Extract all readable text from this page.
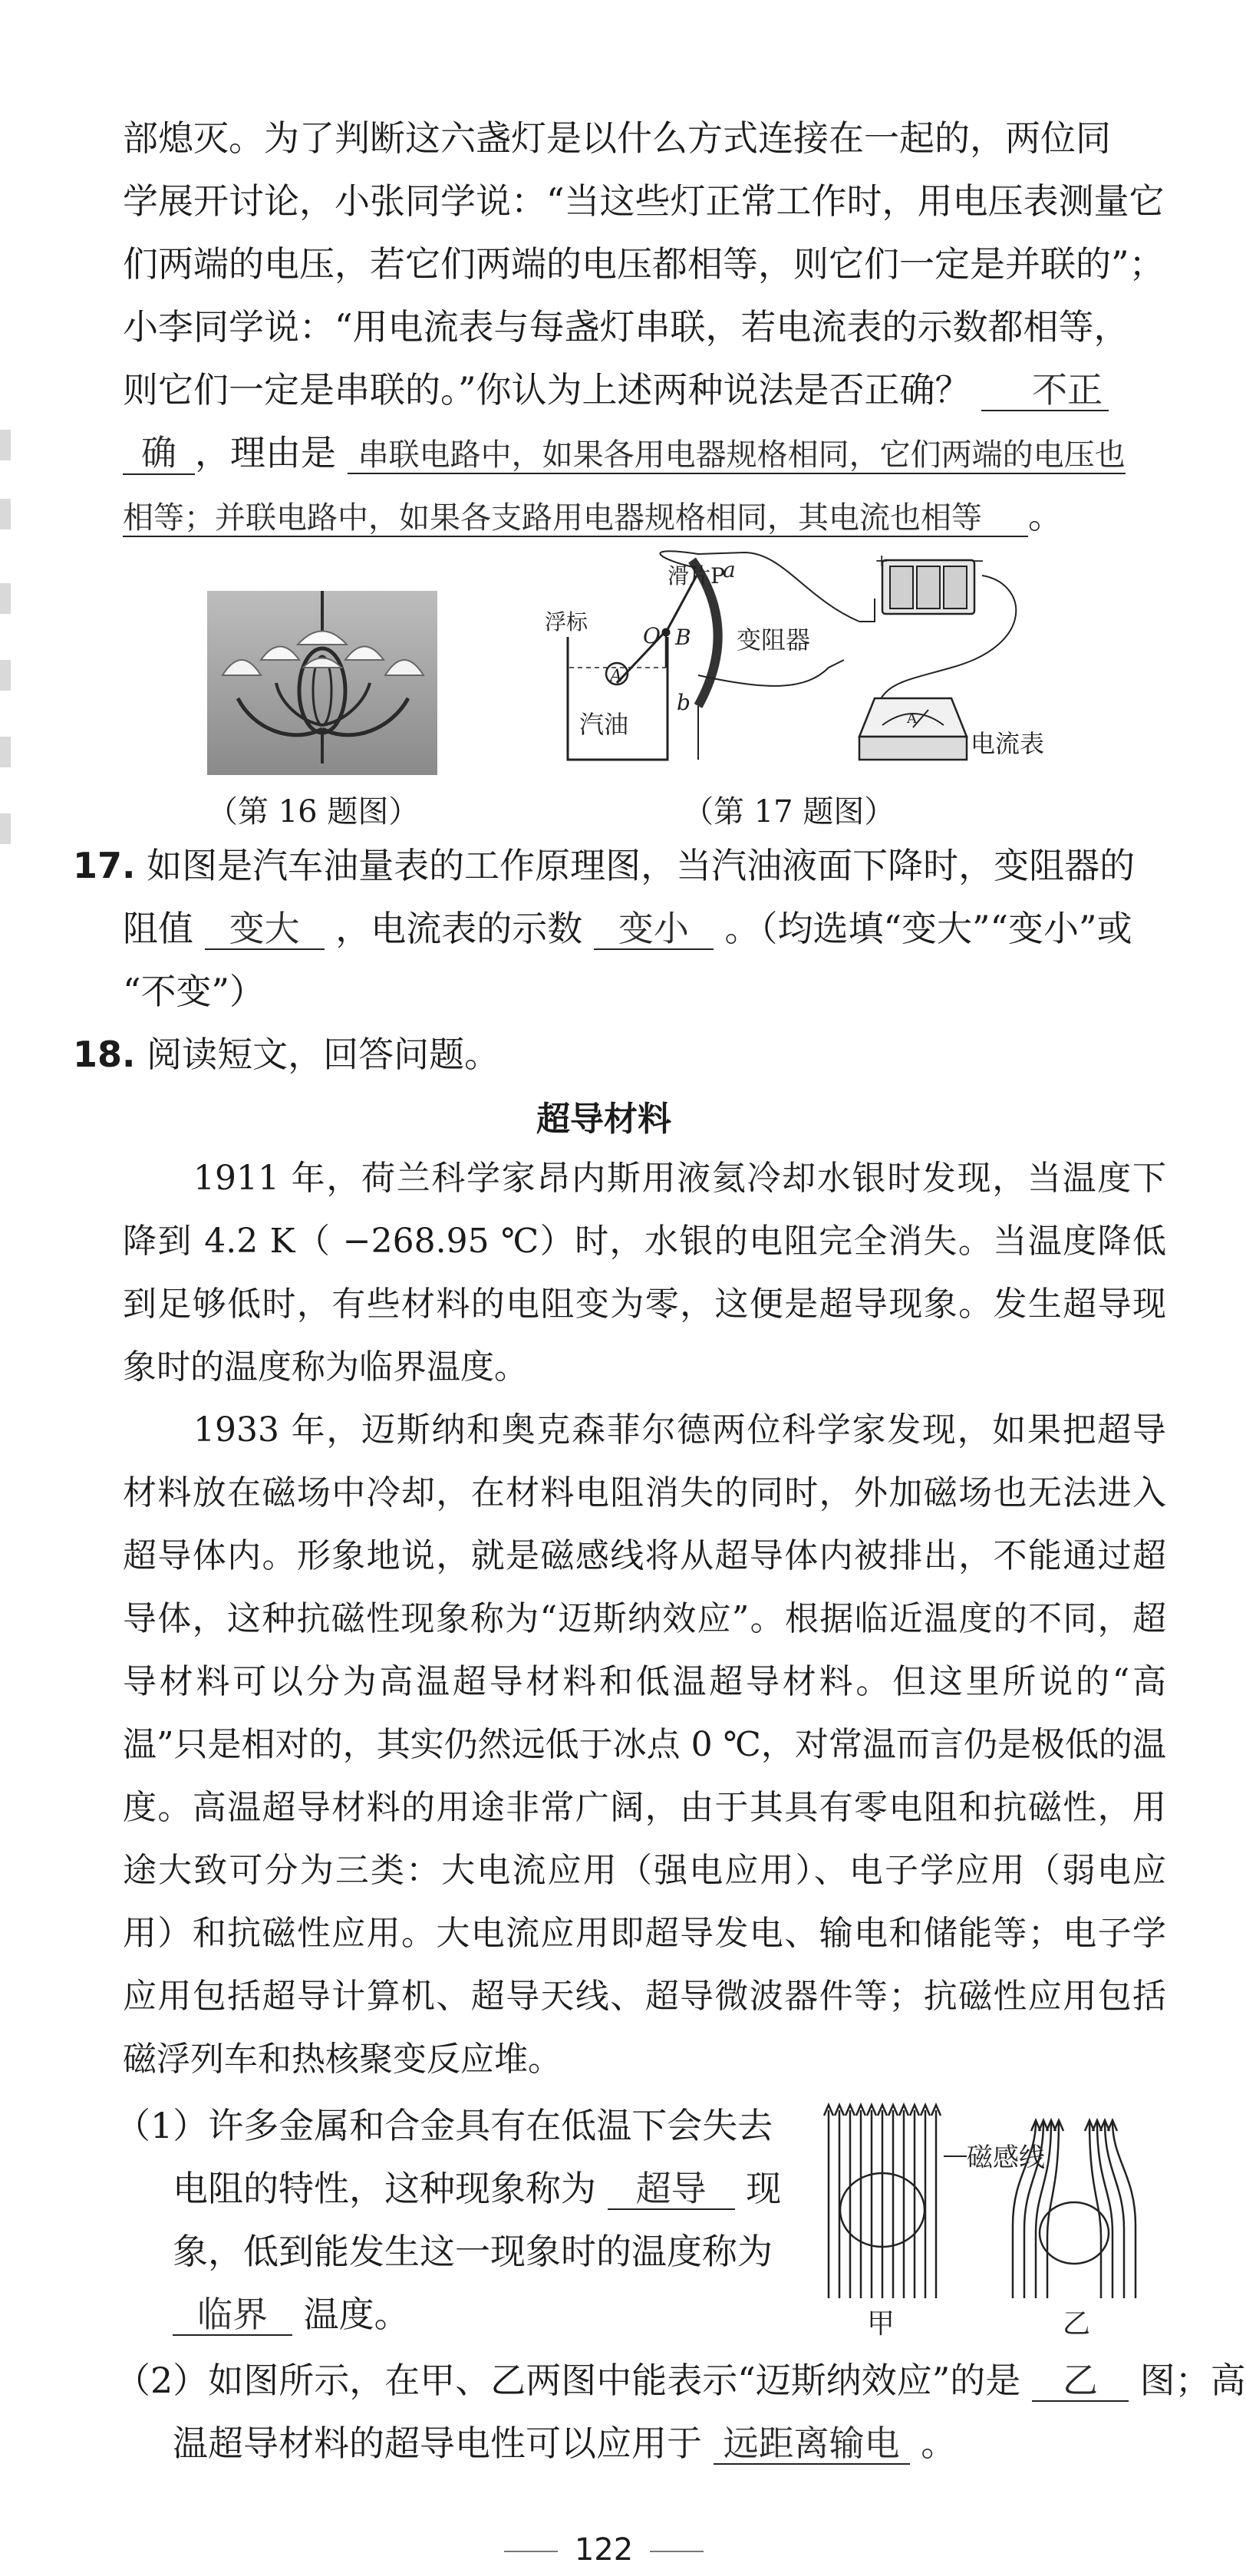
部熄灭。为了判断这六盏灯是以什么方式连接在一起的，两位同
学展开讨论，小张同学说：“当这些灯正常工作时，用电压表测量它
们两端的电压，若它们两端的电压都相等，则它们一定是并联的”；
小李同学说：“用电流表与每盏灯串联，若电流表的示数都相等，
则它们一定是串联的。”你认为上述两种说法是否正确？ 不正
确 ，理由是 串联电路中，如果各用电器规格相同，它们两端的电压也
相等；并联电路中，如果各支路用电器规格相同，其电流也相等 。
（第 16 题图）
滑片P
a
O B
b
浮标
A
汽油
变阻器
电流表
A
+	−
（第 17 题图）
17. 如图是汽车油量表的工作原理图，当汽油液面下降时，变阻器的
阻值 变大 ，电流表的示数 变小 。（均选填“变大”“变小”或
“不变”）
18. 阅读短文，回答问题。
超导材料
1911 年，荷兰科学家昂内斯用液氦冷却水银时发现，当温度下降到 4.2 K（ −268.95 ℃）时，水银的电阻完全消失。当温度降低到足够低时，有些材料的电阻变为零，这便是超导现象。发生超导现象时的温度称为临界温度。
1933 年，迈斯纳和奥克森菲尔德两位科学家发现，如果把超导材料放在磁场中冷却，在材料电阻消失的同时，外加磁场也无法进入超导体内。形象地说，就是磁感线将从超导体内被排出，不能通过超导体，这种抗磁性现象称为“迈斯纳效应”。根据临近温度的不同，超导材料可以分为高温超导材料和低温超导材料。但这里所说的“高温”只是相对的，其实仍然远低于冰点 0 ℃，对常温而言仍是极低的温度。高温超导材料的用途非常广阔，由于其具有零电阻和抗磁性，用途大致可分为三类：大电流应用（强电应用）、电子学应用（弱电应用）和抗磁性应用。大电流应用即超导发电、输电和储能等；电子学应用包括超导计算机、超导天线、超导微波器件等；抗磁性应用包括磁浮列车和热核聚变反应堆。
（1）许多金属和合金具有在低温下会失去
电阻的特性，这种现象称为 超导 现
象，低到能发生这一现象时的温度称为
临界 温度。
磁感线
甲	乙
（2）如图所示，在甲、乙两图中能表示“迈斯纳效应”的是 乙 图；高
温超导材料的超导电性可以应用于 远距离输电 。
122
